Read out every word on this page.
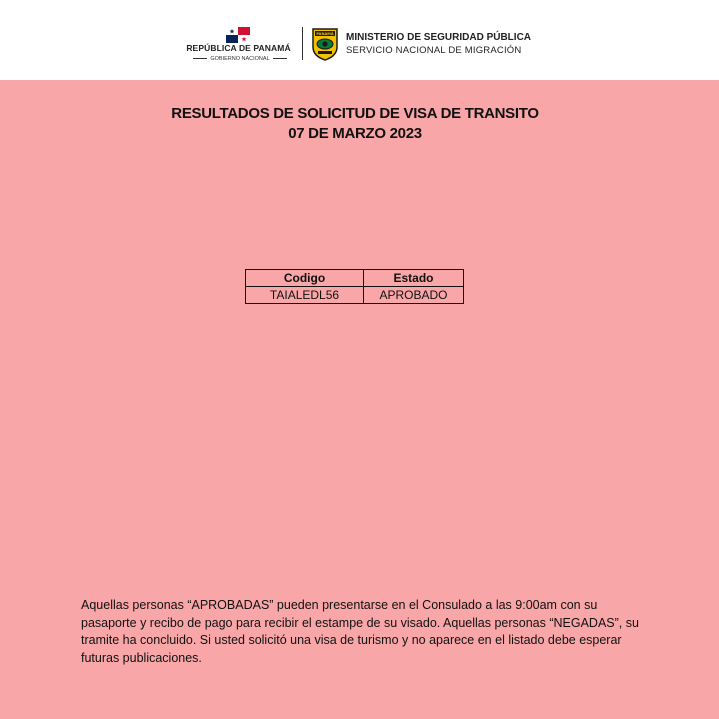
REPÚBLICA DE PANAMÁ
GOBIERNO NACIONAL
PANAMÁ MINISTERIO DE SEGURIDAD PÚBLICA
SERVICIO NACIONAL DE MIGRACIÓN
RESULTADOS DE SOLICITUD DE VISA DE TRANSITO
07 DE MARZO 2023
Codigo	Estado
TAIALEDL56	APROBADO
Aquellas personas “APROBADAS” pueden presentarse en el Consulado a las 9:00am con su pasaporte y recibo de pago para recibir el estampe de su visado. Aquellas personas “NEGADAS”, su tramite ha concluido. Si usted solicitó una visa de turismo y no aparece en el listado debe esperar futuras publicaciones.
